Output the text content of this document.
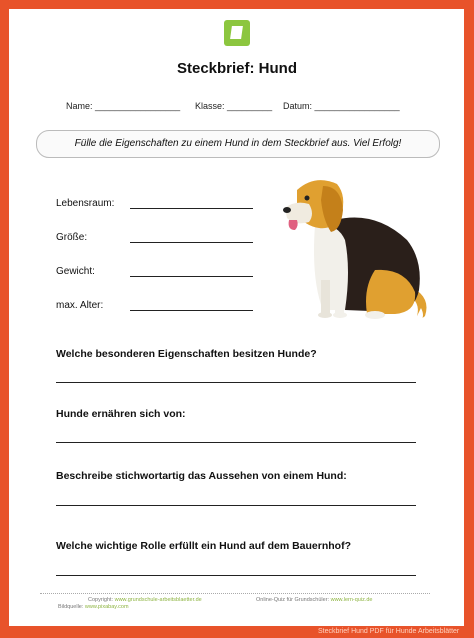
Steckbrief: Hund
Name: _________________ Klasse: _________ Datum: _________________
Fülle die Eigenschaften zu einem Hund in dem Steckbrief aus. Viel Erfolg!
Lebensraum:
Größe:
Gewicht:
max. Alter:
Welche besonderen Eigenschaften besitzen Hunde?
Hunde ernähren sich von:
Beschreibe stichwortartig das Aussehen von einem Hund:
Welche wichtige Rolle erfüllt ein Hund auf dem Bauernhof?
Copyright: www.grundschule-arbeitsblaetter.de
Bildquelle: www.pixabay.com
Online-Quiz für Grundschüler: www.lern-quiz.de
Steckbrief Hund PDF für Hunde Arbeitsblätter
